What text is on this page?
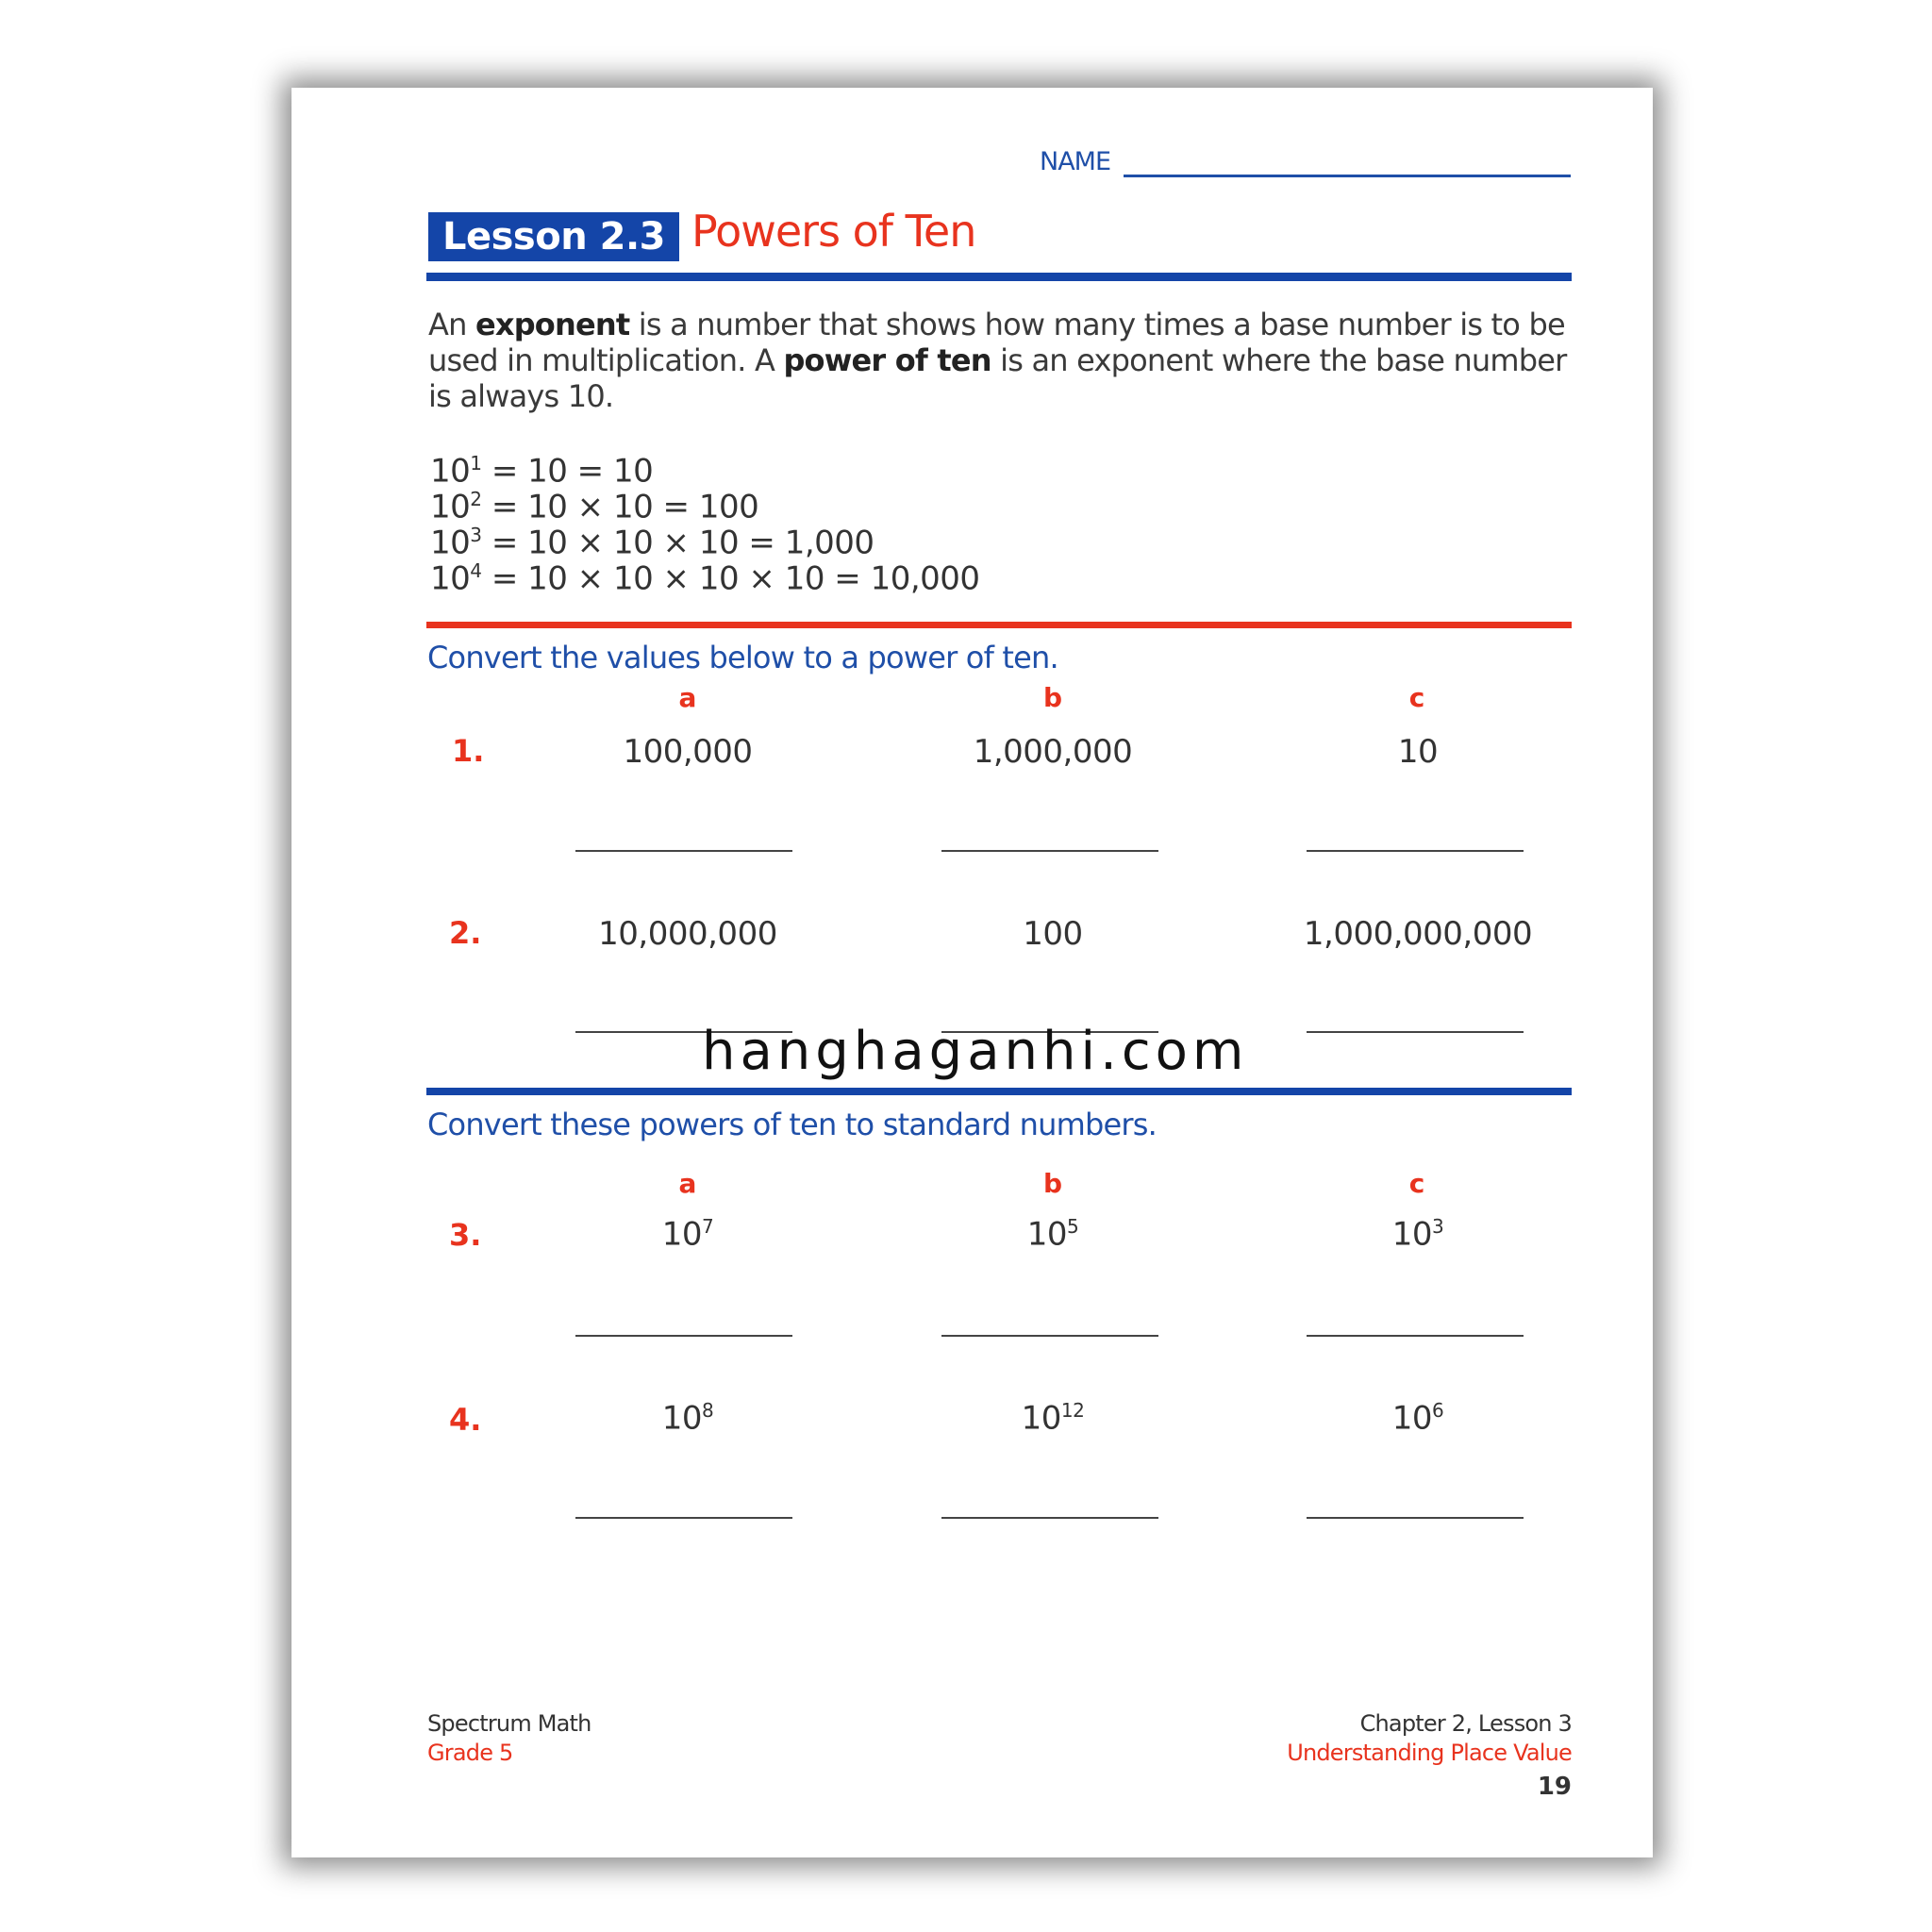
NAME
Lesson 2.3 Powers of Ten
An exponent is a number that shows how many times a base number is to be used in multiplication. A power of ten is an exponent where the base number is always 10.
$10^1 = 10 = 10$
$10^2 = 10 \times 10 = 100$
$10^3 = 10 \times 10 \times 10 = 1,000$
$10^4 = 10 \times 10 \times 10 \times 10 = 10,000$
Convert the values below to a power of ten.
a	b	c
1.	100,000	1,000,000	10
2.	10,000,000	100	1,000,000,000
Convert these powers of ten to standard numbers.
a	b	c
3.	$10^7$	$10^5$	$10^3$
4.	$10^8$	$10^{12}$	$10^6$
Spectrum Math
Grade 5
Chapter 2, Lesson 3
Understanding Place Value
19
hanghaganhi.com
